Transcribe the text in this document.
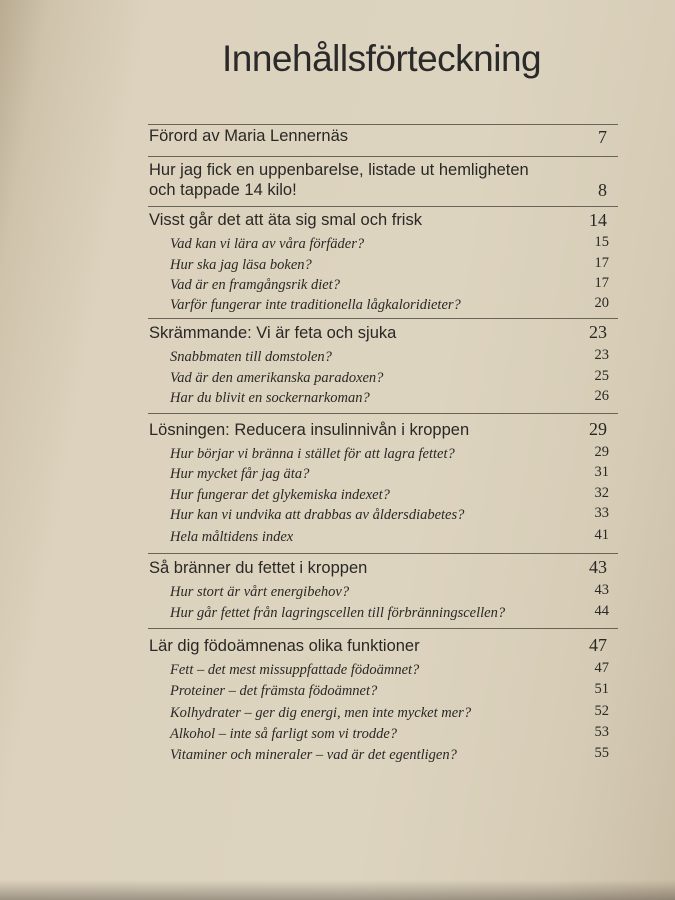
Innehållsförteckning
Förord av Maria Lennernäs	7
Hur jag fick en uppenbarelse, listade ut hemligheten
och tappade 14 kilo!	8
Visst går det att äta sig smal och frisk	14
Vad kan vi lära av våra förfäder?	15
Hur ska jag läsa boken?	17
Vad är en framgångsrik diet?	17
Varför fungerar inte traditionella lågkaloridieter?	20
Skrämmande: Vi är feta och sjuka	23
Snabbmaten till domstolen?	23
Vad är den amerikanska paradoxen?	25
Har du blivit en sockernarkoman?	26
Lösningen: Reducera insulinnivån i kroppen	29
Hur börjar vi bränna i stället för att lagra fettet?	29
Hur mycket får jag äta?	31
Hur fungerar det glykemiska indexet?	32
Hur kan vi undvika att drabbas av åldersdiabetes?	33
Hela måltidens index	41
Så bränner du fettet i kroppen	43
Hur stort är vårt energibehov?	43
Hur går fettet från lagringscellen till förbränningscellen?	44
Lär dig födoämnenas olika funktioner	47
Fett – det mest missuppfattade födoämnet?	47
Proteiner – det främsta födoämnet?	51
Kolhydrater – ger dig energi, men inte mycket mer?	52
Alkohol – inte så farligt som vi trodde?	53
Vitaminer och mineraler – vad är det egentligen?	55
